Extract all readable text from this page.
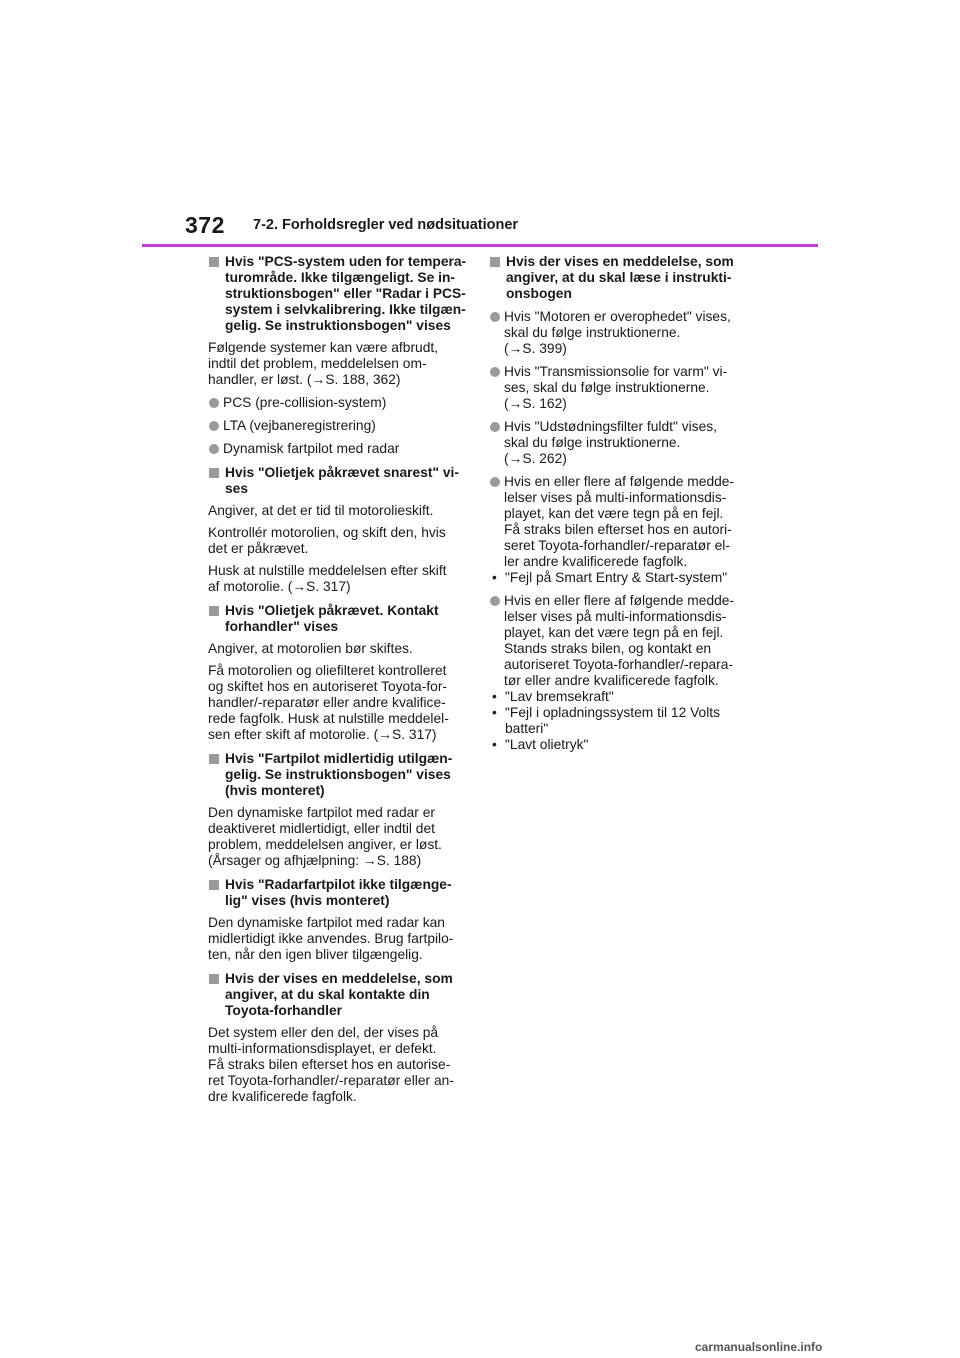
372 7-2. Forholdsregler ved nødsituationer
Hvis "PCS-system uden for tempera-
turområde. Ikke tilgængeligt. Se in-
struktionsbogen" eller "Radar i PCS-
system i selvkalibrering. Ikke tilgæn-
gelig. Se instruktionsbogen" vises
Følgende systemer kan være afbrudt,
indtil det problem, meddelelsen om-
handler, er løst. (→S. 188, 362)
PCS (pre-collision-system)
LTA (vejbaneregistrering)
Dynamisk fartpilot med radar
Hvis "Olietjek påkrævet snarest" vi-
ses
Angiver, at det er tid til motorolieskift.
Kontrollér motorolien, og skift den, hvis
det er påkrævet.
Husk at nulstille meddelelsen efter skift
af motorolie. (→S. 317)
Hvis "Olietjek påkrævet. Kontakt
forhandler" vises
Angiver, at motorolien bør skiftes.
Få motorolien og oliefilteret kontrolleret
og skiftet hos en autoriseret Toyota-for-
handler/-reparatør eller andre kvalifice-
rede fagfolk. Husk at nulstille meddelel-
sen efter skift af motorolie. (→S. 317)
Hvis "Fartpilot midlertidig utilgæn-
gelig. Se instruktionsbogen" vises
(hvis monteret)
Den dynamiske fartpilot med radar er
deaktiveret midlertidigt, eller indtil det
problem, meddelelsen angiver, er løst.
(Årsager og afhjælpning: →S. 188)
Hvis "Radarfartpilot ikke tilgænge-
lig" vises (hvis monteret)
Den dynamiske fartpilot med radar kan
midlertidigt ikke anvendes. Brug fartpilo-
ten, når den igen bliver tilgængelig.
Hvis der vises en meddelelse, som
angiver, at du skal kontakte din
Toyota-forhandler
Det system eller den del, der vises på
multi-informationsdisplayet, er defekt.
Få straks bilen efterset hos en autorise-
ret Toyota-forhandler/-reparatør eller an-
dre kvalificerede fagfolk.
Hvis der vises en meddelelse, som
angiver, at du skal læse i instrukti-
onsbogen
Hvis "Motoren er overophedet" vises,
skal du følge instruktionerne.
(→S. 399)
Hvis "Transmissionsolie for varm" vi-
ses, skal du følge instruktionerne.
(→S. 162)
Hvis "Udstødningsfilter fuldt" vises,
skal du følge instruktionerne.
(→S. 262)
Hvis en eller flere af følgende medde-
lelser vises på multi-informationsdis-
playet, kan det være tegn på en fejl.
Få straks bilen efterset hos en autori-
seret Toyota-forhandler/-reparatør el-
ler andre kvalificerede fagfolk.
• "Fejl på Smart Entry & Start-system"
Hvis en eller flere af følgende medde-
lelser vises på multi-informationsdis-
playet, kan det være tegn på en fejl.
Stands straks bilen, og kontakt en
autoriseret Toyota-forhandler/-repara-
tør eller andre kvalificerede fagfolk.
• "Lav bremsekraft"
• "Fejl i opladningssystem til 12 Volts
batteri"
• "Lavt olietryk"
carmanualsonline.info
